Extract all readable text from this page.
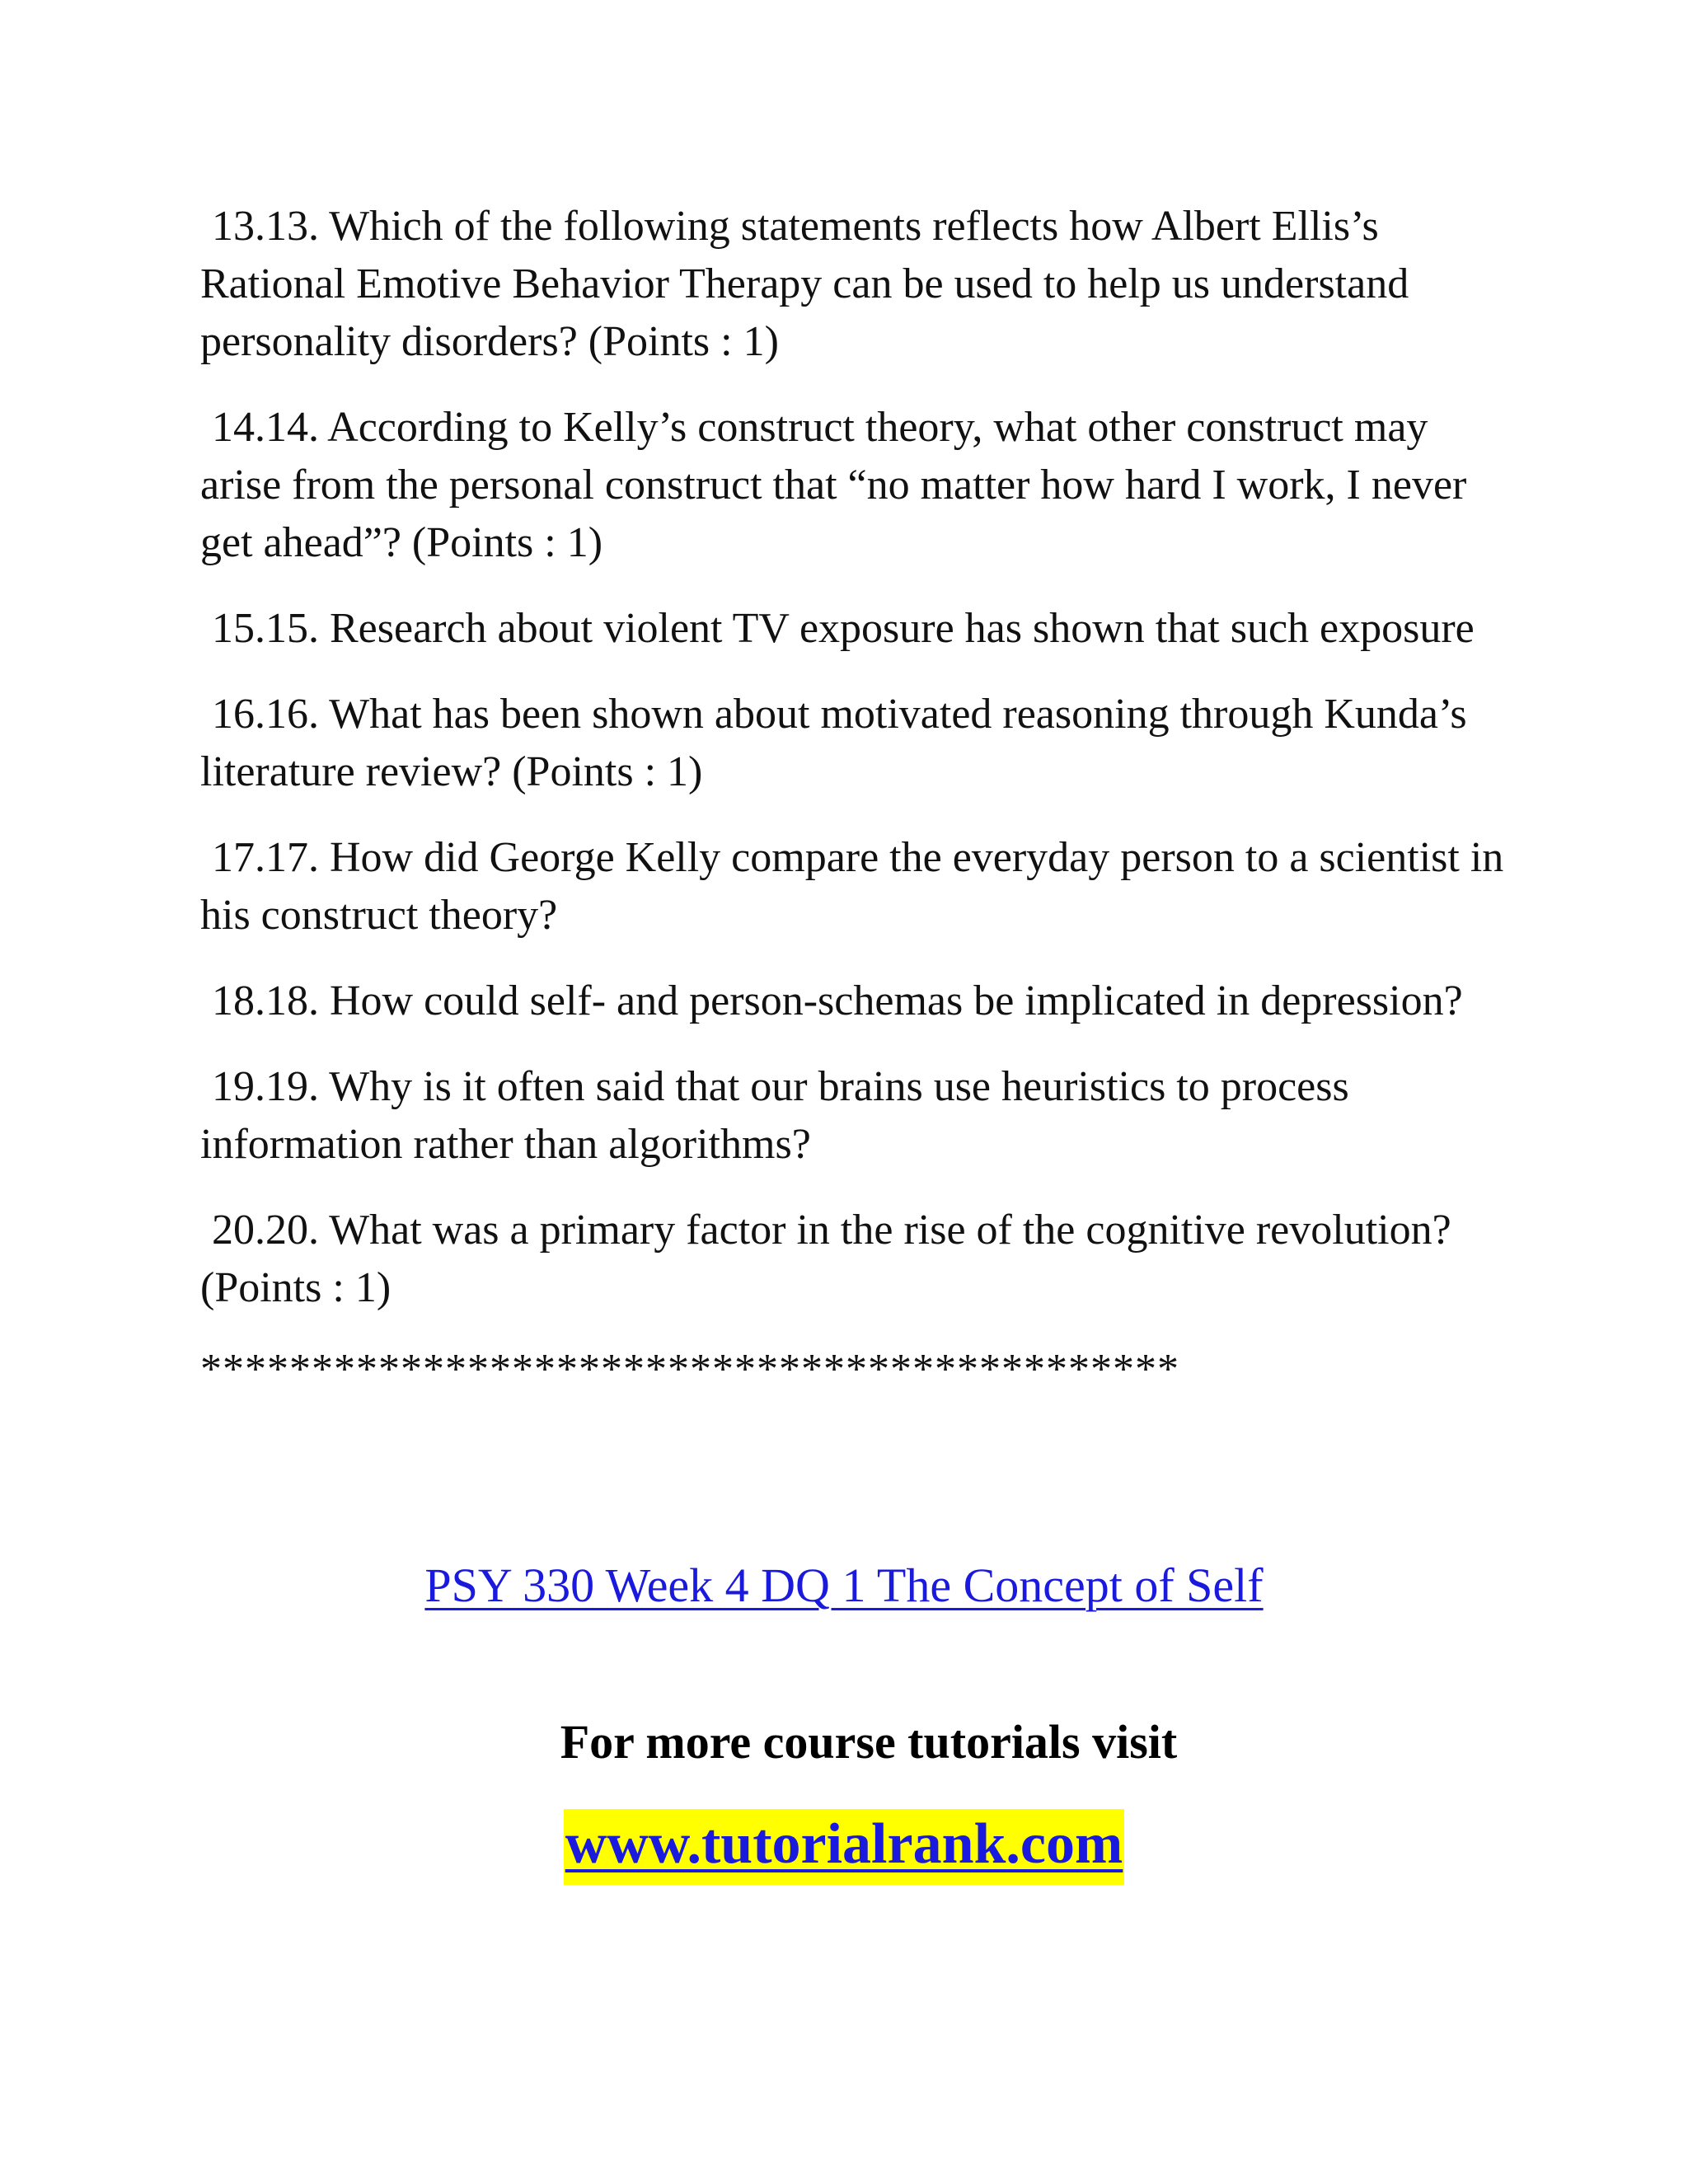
13.13. Which of the following statements reflects how Albert Ellis’s Rational Emotive Behavior Therapy can be used to help us understand personality disorders? (Points : 1)

14.14. According to Kelly’s construct theory, what other construct may arise from the personal construct that “no matter how hard I work, I never get ahead”? (Points : 1)

15.15. Research about violent TV exposure has shown that such exposure

16.16. What has been shown about motivated reasoning through Kunda’s literature review? (Points : 1)

17.17. How did George Kelly compare the everyday person to a scientist in his construct theory?

18.18. How could self- and person-schemas be implicated in depression?

19.19. Why is it often said that our brains use heuristics to process information rather than algorithms?

20.20. What was a primary factor in the rise of the cognitive revolution? (Points : 1)

********************************************

PSY 330 Week 4 DQ 1 The Concept of Self
For more course tutorials visit
www.tutorialrank.com
